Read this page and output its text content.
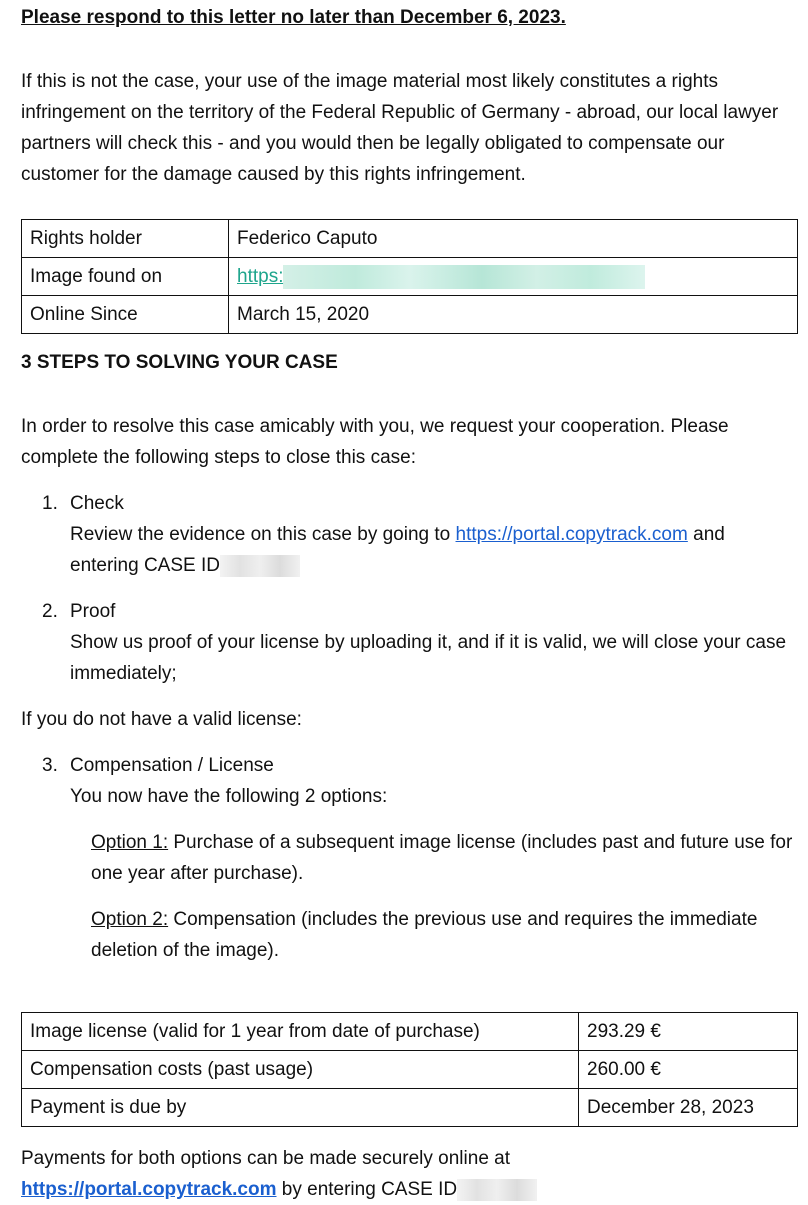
Please respond to this letter no later than December 6, 2023.

If this is not the case, your use of the image material most likely constitutes a rights infringement on the territory of the Federal Republic of Germany - abroad, our local lawyer partners will check this - and you would then be legally obligated to compensate our customer for the damage caused by this rights infringement.

Rights holder	Federico Caputo
Image found on	https:
Online Since	March 15, 2020

3 STEPS TO SOLVING YOUR CASE

In order to resolve this case amicably with you, we request your cooperation. Please complete the following steps to close this case:

1. Check
Review the evidence on this case by going to https://portal.copytrack.com and entering CASE ID
2. Proof
Show us proof of your license by uploading it, and if it is valid, we will close your case immediately;

If you do not have a valid license:

3. Compensation / License
You now have the following 2 options:
Option 1: Purchase of a subsequent image license (includes past and future use for one year after purchase).
Option 2: Compensation (includes the previous use and requires the immediate deletion of the image).
Image license (valid for 1 year from date of purchase)	293.29 €
Compensation costs (past usage)	260.00 €
Payment is due by	December 28, 2023
Payments for both options can be made securely online at
https://portal.copytrack.com by entering CASE ID
